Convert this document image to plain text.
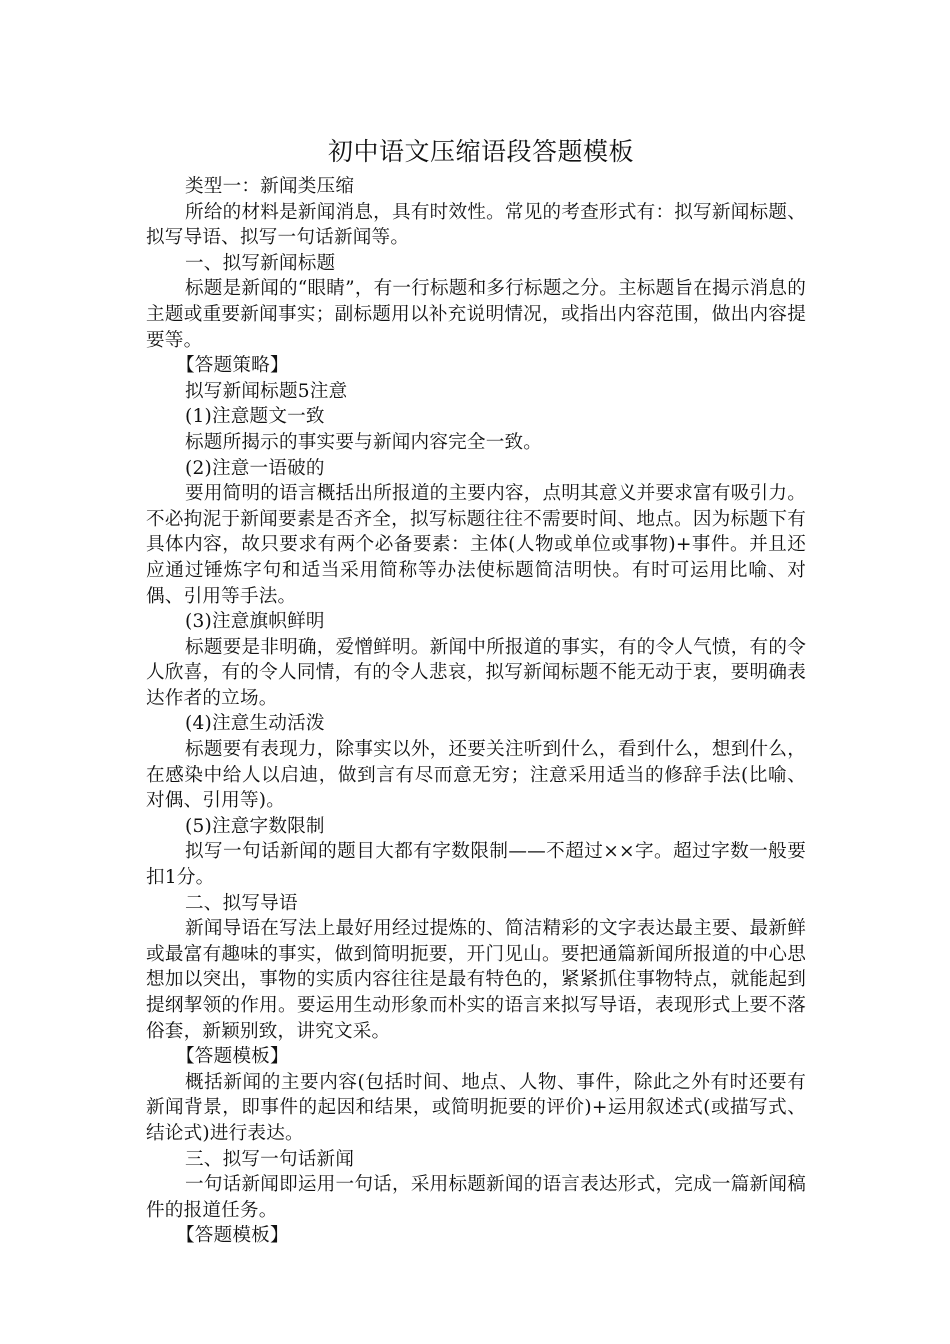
初中语文压缩语段答题模板

类型一：新闻类压缩

所给的材料是新闻消息，具有时效性。常见的考查形式有：拟写新闻标题、拟写导语、拟写一句话新闻等。

一、拟写新闻标题

标题是新闻的“眼睛”，有一行标题和多行标题之分。主标题旨在揭示消息的主题或重要新闻事实；副标题用以补充说明情况，或指出内容范围，做出内容提要等。

【答题策略】

拟写新闻标题5注意

(1)注意题文一致

标题所揭示的事实要与新闻内容完全一致。

(2)注意一语破的

要用简明的语言概括出所报道的主要内容，点明其意义并要求富有吸引力。不必拘泥于新闻要素是否齐全，拟写标题往往不需要时间、地点。因为标题下有具体内容，故只要求有两个必备要素：主体(人物或单位或事物)+事件。并且还应通过锤炼字句和适当采用简称等办法使标题简洁明快。有时可运用比喻、对偶、引用等手法。

(3)注意旗帜鲜明

标题要是非明确，爱憎鲜明。新闻中所报道的事实，有的令人气愤，有的令人欣喜，有的令人同情，有的令人悲哀，拟写新闻标题不能无动于衷，要明确表达作者的立场。

(4)注意生动活泼

标题要有表现力，除事实以外，还要关注听到什么，看到什么，想到什么，在感染中给人以启迪，做到言有尽而意无穷；注意采用适当的修辞手法(比喻、对偶、引用等)。

(5)注意字数限制

拟写一句话新闻的题目大都有字数限制——不超过××字。超过字数一般要扣1分。

二、拟写导语

新闻导语在写法上最好用经过提炼的、简洁精彩的文字表达最主要、最新鲜或最富有趣味的事实，做到简明扼要，开门见山。要把通篇新闻所报道的中心思想加以突出，事物的实质内容往往是最有特色的，紧紧抓住事物特点，就能起到提纲挈领的作用。要运用生动形象而朴实的语言来拟写导语，表现形式上要不落俗套，新颖别致，讲究文采。

【答题模板】

概括新闻的主要内容(包括时间、地点、人物、事件，除此之外有时还要有新闻背景，即事件的起因和结果，或简明扼要的评价)+运用叙述式(或描写式、结论式)进行表达。

三、拟写一句话新闻

一句话新闻即运用一句话，采用标题新闻的语言表达形式，完成一篇新闻稿件的报道任务。

【答题模板】
